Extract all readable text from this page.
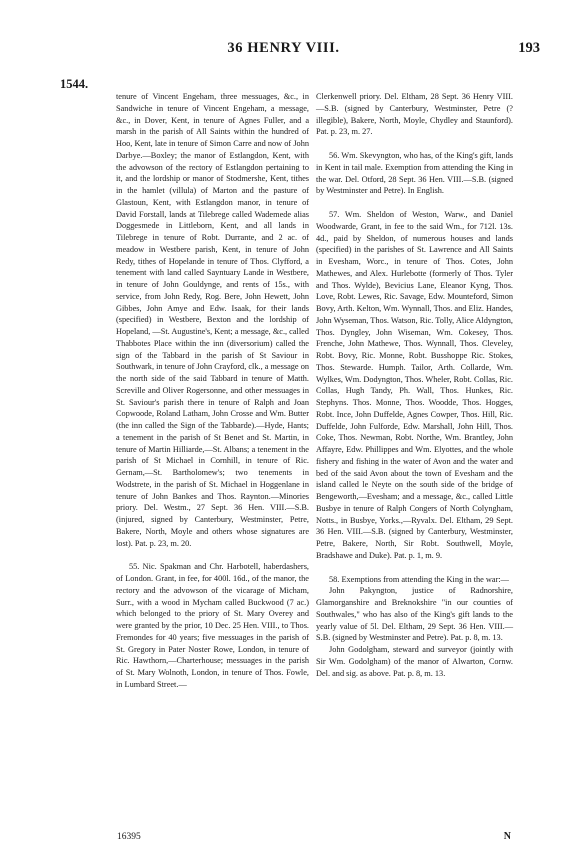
36 HENRY VIII.	193
1544.

tenure of Vincent Engeham, three messuages, &c., in Sandwiche in tenure of Vincent Engeham, a message, &c., in Dover, Kent, in tenure of Agnes Fuller, and a marsh in the parish of All Saints within the hundred of Hoo, Kent, late in tenure of Simon Carre and now of John Darbye.—Boxley; the manor of Estlangdon, Kent, with the advowson of the rectory of Estlangdon pertaining to it, and the lordship or manor of Stodmershe, Kent, tithes in the hamlet (villula) of Marton and the pasture of Glastoun, Kent, with Estlangdon manor, in tenure of David Forstall, lands at Tilebrege called Wademede alias Doggesmede in Littleborn, Kent, and all lands in Tilebrege in tenure of Robt. Durrante, and 2 ac. of meadow in Westbere parish, Kent, in tenure of John Redy, tithes of Hopelande in tenure of Thos. Clyfford, a tenement with land called Sayntuary Lande in Westbere, in tenure of John Gouldynge, and rents of 15s., with service, from John Redy, Rog. Bere, John Hewett, John Gibbes, John Amye and Edw. Isaak, for their lands (specified) in Westbere, Bexton and the lordship of Hopeland, —St. Augustine's, Kent; a message, &c., called Thabbotes Place within the inn (diversorium) called the sign of the Tabbard in the parish of St Saviour in Southwark, in tenure of John Crayford, clk., a message on the north side of the said Tabbard in tenure of Matth. Screville and Oliver Rogersonne, and other messuages in St. Saviour's parish there in tenure of Ralph and Joan Copwoode, Roland Latham, John Crosse and Wm. Butter (the inn called the Sign of the Tabbarde).—Hyde, Hants; a tenement in the parish of St Benet and St. Martin, in tenure of Martin Hilliarde,—St. Albans; a tenement in the parish of St Michael in Cornhill, in tenure of Ric. Gernam,—St. Bartholomew's; two tenements in Wodstrete, in the parish of St. Michael in Hoggenlane in tenure of John Bankes and Thos. Raynton.—Minories priory. Del. Westm., 27 Sept. 36 Hen. VIII.—S.B. (injured, signed by Canterbury, Westminster, Petre, Bakere, North, Moyle and others whose signatures are lost). Pat. p. 23, m. 20.

55. Nic. Spakman and Chr. Harbotell, haberdashers, of London. Grant, in fee, for 400l. 16d., of the manor, the rectory and the advowson of the vicarage of Micham, Surr., with a wood in Mycham called Buckwood (7 ac.) which belonged to the priory of St. Mary Overey and were granted by the prior, 10 Dec. 25 Hen. VIII., to Thos. Fremondes for 40 years; five messuages in the parish of St. Gregory in Pater Noster Rowe, London, in tenure of Ric. Hawthorn,—Charterhouse; messuages in the parish of St. Mary Wolnoth, London, in tenure of Thos. Fowle, in Lumbard Street.—

Clerkenwell priory. Del. Eltham, 28 Sept. 36 Henry VIII.—S.B. (signed by Canterbury, Westminster, Petre (? illegible), Bakere, North, Moyle, Chydley and Staunford). Pat. p. 23, m. 27.

56. Wm. Skevyngton, who has, of the King's gift, lands in Kent in tail male. Exemption from attending the King in the war. Del. Otford, 28 Sept. 36 Hen. VIII.—S.B. (signed by Westminster and Petre). In English.

57. Wm. Sheldon of Weston, Warw., and Daniel Woodwarde, Grant, in fee to the said Wm., for 712l. 13s. 4d., paid by Sheldon, of numerous houses and lands (specified) in the parishes of St. Lawrence and All Saints in Evesham, Worc., in tenure of Thos. Cotes, John Mathewes, and Alex. Hurlebotte (formerly of Thos. Tyler and Thos. Wylde), Bevicius Lane, Eleanor Kyng, Thos. Love, Robt. Lewes, Ric. Savage, Edw. Mounteford, Simon Bovy, Arth. Kelton, Wm. Wynnall, Thos. and Eliz. Handes, John Wyseman, Thos. Watson, Ric. Tolly, Alice Aldyngton, Thos. Dyngley, John Wiseman, Wm. Cokesey, Thos. Frenche, John Mathewe, Thos. Wynnall, Thos. Cleveley, Robt. Bovy, Ric. Monne, Robt. Busshoppe Ric. Stokes, Thos. Stewarde. Humph. Tailor, Arth. Collarde, Wm. Wylkes, Wm. Dodyngton, Thos. Wheler, Robt. Collas, Ric. Collas, Hugh Tandy, Ph. Wall, Thos. Hunkes, Ric. Stephyns. Thos. Monne, Thos. Woodde, Thos. Hogges, Robt. Ince, John Duffelde, Agnes Cowper, Thos. Hill, Ric. Duffelde, John Fulforde, Edw. Marshall, John Hill, Thos. Coke, Thos. Newman, Robt. Northe, Wm. Brantley, John Affayre, Edw. Phillippes and Wm. Elyottes, and the whole fishery and fishing in the water of Avon and the water and bed of the said Avon about the town of Evesham and the island called le Neyte on the south side of the bridge of Bengeworth,—Evesham; and a message, &c., called Little Busbye in tenure of Ralph Congers of North Colyngham, Notts., in Busbye, Yorks.,—Ryvalx. Del. Eltham, 29 Sept. 36 Hen. VIII.—S.B. (signed by Canterbury, Westminster, Petre, Bakere, North, Sir Robt. Southwell, Moyle, Bradshawe and Duke). Pat. p. 1, m. 9.

58. Exemptions from attending the King in the war:—

John Pakyngton, justice of Radnorshire, Glamorganshire and Breknokshire "in our counties of Southwales," who has also of the King's gift lands to the yearly value of 5l. Del. Eltham, 29 Sept. 36 Hen. VIII.—S.B. (signed by Westminster and Petre). Pat. p. 8, m. 13.

John Godolgham, steward and surveyor (jointly with Sir Wm. Godolgham) of the manor of Alwarton, Cornw. Del. and sig. as above. Pat. p. 8, m. 13.

16395	N
